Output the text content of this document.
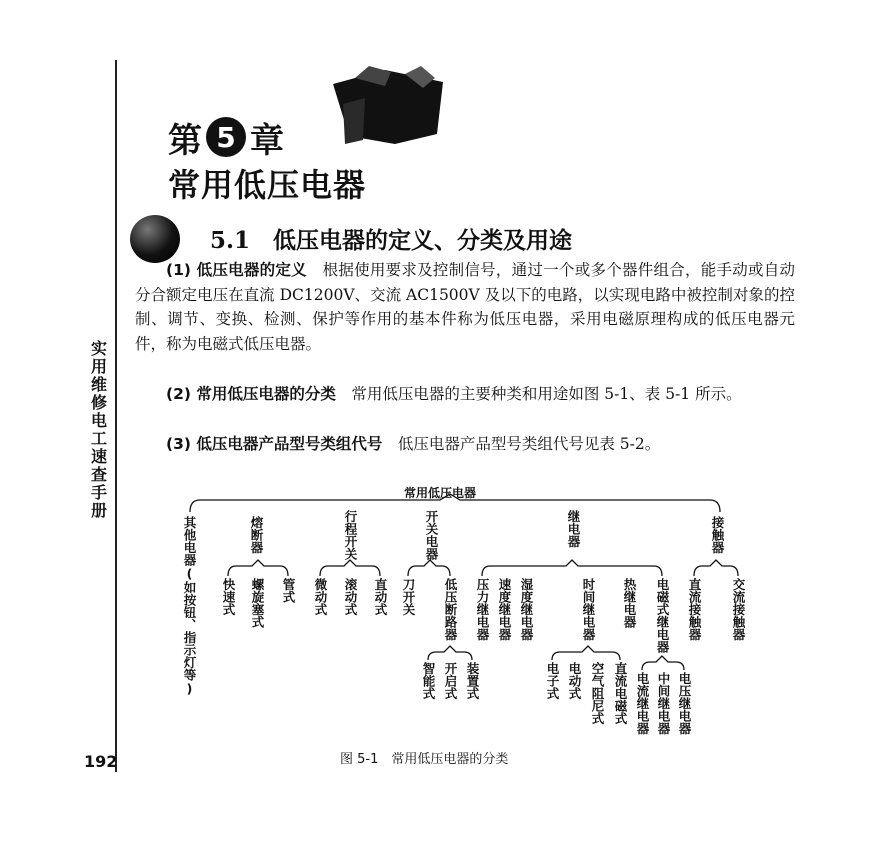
实用维修电工速查手册
192
第 5 章
常用低压电器
5.1　低压电器的定义、分类及用途
(1) 低压电器的定义　 根据使用要求及控制信号，通过一个或多个器件组合，能手动或自动分合额定电压在直流 DC1200V、交流 AC1500V 及以下的电路，以实现电路中被控制对象的控制、调节、变换、检测、保护等作用的基本件称为低压电器，采用电磁原理构成的低压电器元件，称为电磁式低压电器。
(2) 常用低压电器的分类　 常用低压电器的主要种类和用途如图 5-1、表 5-1 所示。
(3) 低压电器产品型号类组代号　 低压电器产品型号类组代号见表 5-2。
常用低压电器
其他电器(如按钮、指示灯等)	熔断器	行程开关	开关电器	继电器	接触器
快速式 螺旋塞式 管式 微动式 滚动式 直动式 刀开关 低压断路器
智能式 开启式 装置式
压力继电器 速度继电器 湿度继电器	时间继电器 热继电器 电磁式继电器
电子式 电动式 空气阻尼式 直流电磁式 电流继电器 中间继电器 电压继电器
直流接触器 交流接触器
图 5-1　常用低压电器的分类
